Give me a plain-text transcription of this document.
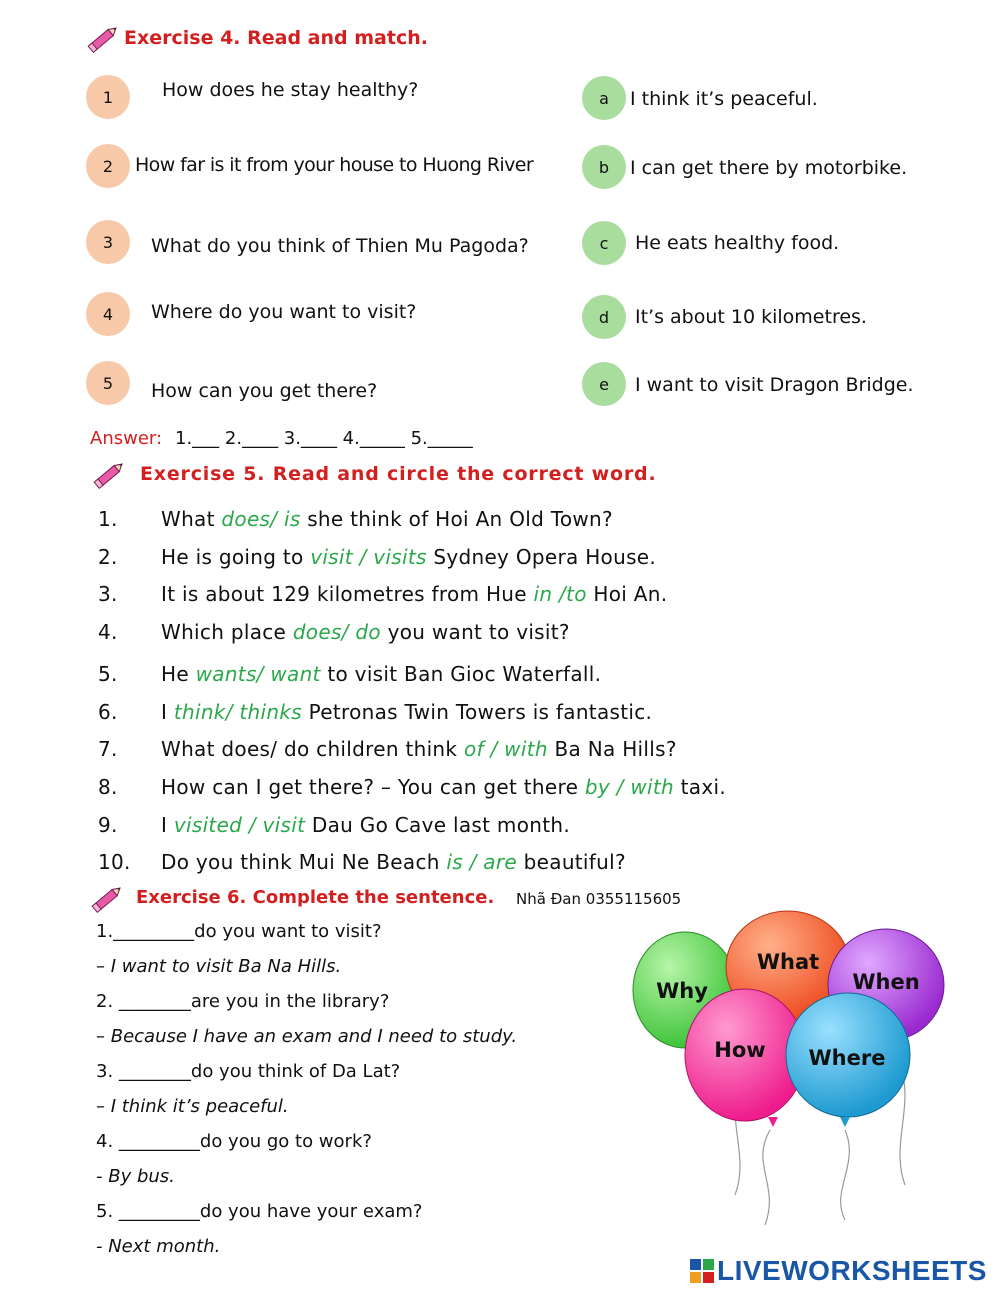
Exercise 4. Read and match.
1	How does he stay healthy?
2	How far is it from your house to Huong River
3	What do you think of Thien Mu Pagoda?
4	Where do you want to visit?
5	How can you get there?
a	I think it’s peaceful.
b	I can get there by motorbike.
c	He eats healthy food.
d	It’s about 10 kilometres.
e	I want to visit Dragon Bridge.
Answer: 1.___ 2.____ 3.____ 4._____ 5._____
Exercise 5. Read and circle the correct word.
1. What does/ is she think of Hoi An Old Town?
2. He is going to visit / visits Sydney Opera House.
3. It is about 129 kilometres from Hue in /to Hoi An.
4. Which place does/ do you want to visit?
5. He wants/ want to visit Ban Gioc Waterfall.
6. I think/ thinks Petronas Twin Towers is fantastic.
7. What does/ do children think of / with Ba Na Hills?
8. How can I get there? – You can get there by / with taxi.
9. I visited / visit Dau Go Cave last month.
10. Do you think Mui Ne Beach is / are beautiful?
Exercise 6. Complete the sentence. Nhã Đan 0355115605
1._________do you want to visit?
– I want to visit Ba Na Hills.
2. ________are you in the library?
– Because I have an exam and I need to study.
3. ________do you think of Da Lat?
– I think it’s peaceful.
4. _________do you go to work?
- By bus.
5. _________do you have your exam?
- Next month.
Why
What
When
How Where
LIVEWORKSHEETS
